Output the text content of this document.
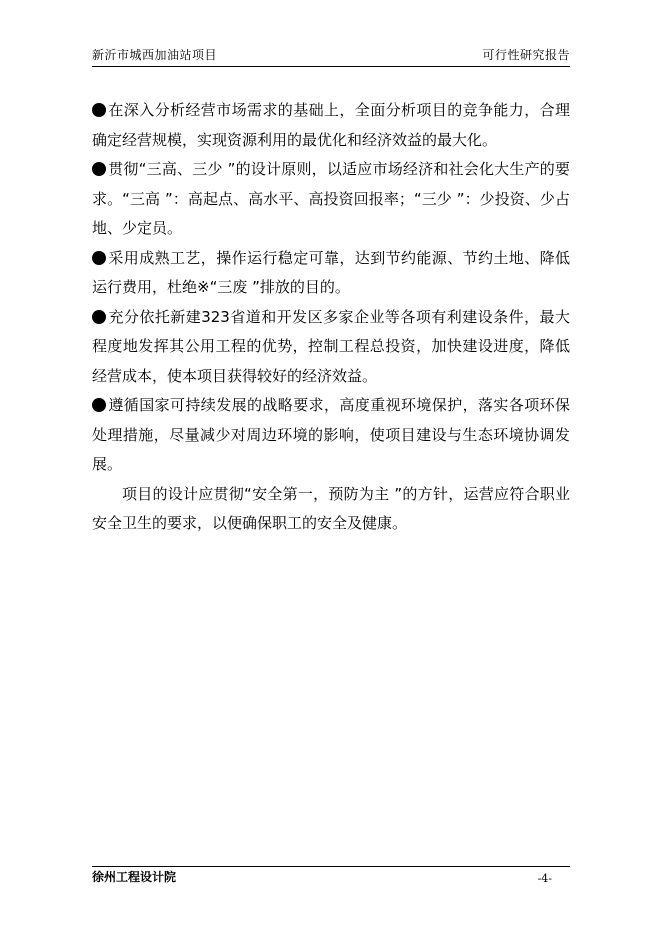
新沂市城西加油站项目	可行性研究报告

在深入分析经营市场需求的基础上，全面分析项目的竞争能力，合理确定经营规模，实现资源利用的最优化和经济效益的最大化。

贯彻“三高、三少 ”的设计原则，以适应市场经济和社会化大生产的要求。“三高 ”：高起点、高水平、高投资回报率；“三少 ”：少投资、少占地、少定员。

采用成熟工艺，操作运行稳定可靠，达到节约能源、节约土地、降低运行费用，杜绝※“三废 ”排放的目的。

充分依托新建323省道和开发区多家企业等各项有利建设条件，最大程度地发挥其公用工程的优势，控制工程总投资，加快建设进度，降低经营成本，使本项目获得较好的经济效益。

遵循国家可持续发展的战略要求，高度重视环境保护，落实各项环保处理措施，尽量减少对周边环境的影响，使项目建设与生态环境协调发展。

项目的设计应贯彻“安全第一，预防为主 ”的方针，运营应符合职业安全卫生的要求，以便确保职工的安全及健康。

徐州工程设计院	-4-
